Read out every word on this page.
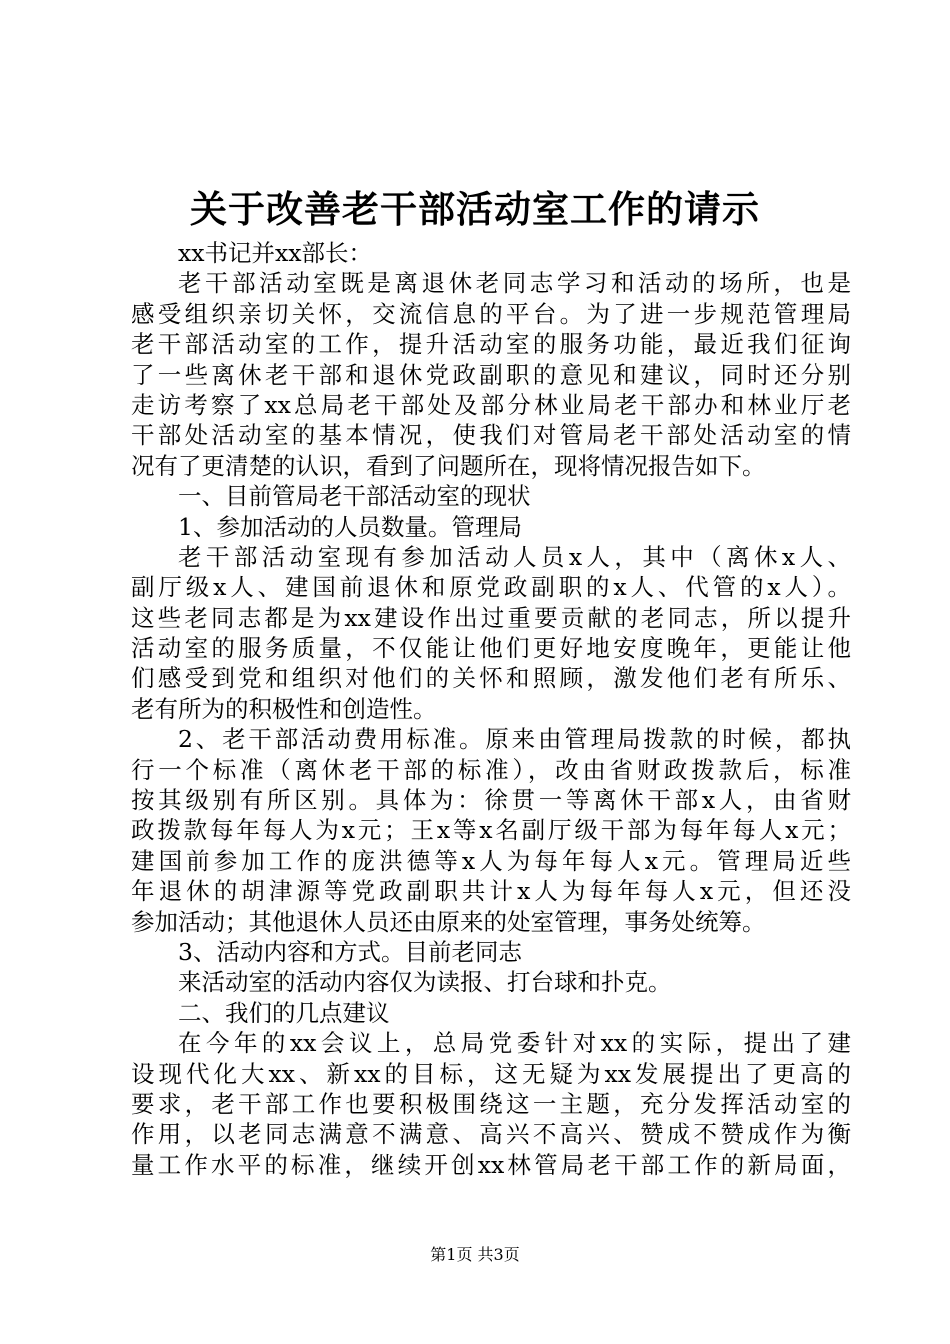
关于改善老干部活动室工作的请示
xx书记并xx部长：
老干部活动室既是离退休老同志学习和活动的场所，也是
感受组织亲切关怀，交流信息的平台。为了进一步规范管理局
老干部活动室的工作，提升活动室的服务功能，最近我们征询
了一些离休老干部和退休党政副职的意见和建议，同时还分别
走访考察了xx总局老干部处及部分林业局老干部办和林业厅老
干部处活动室的基本情况，使我们对管局老干部处活动室的情
况有了更清楚的认识，看到了问题所在，现将情况报告如下。
一、目前管局老干部活动室的现状
1、参加活动的人员数量。管理局
老干部活动室现有参加活动人员x人，其中（离休x人、
副厅级x人、建国前退休和原党政副职的x人、代管的x人）。
这些老同志都是为xx建设作出过重要贡献的老同志，所以提升
活动室的服务质量，不仅能让他们更好地安度晚年，更能让他
们感受到党和组织对他们的关怀和照顾，激发他们老有所乐、
老有所为的积极性和创造性。
2、老干部活动费用标准。原来由管理局拨款的时候，都执
行一个标准（离休老干部的标准），改由省财政拨款后，标准
按其级别有所区别。具体为：徐贯一等离休干部x人，由省财
政拨款每年每人为x元；王x等x名副厅级干部为每年每人x元；
建国前参加工作的庞洪德等x人为每年每人x元。管理局近些
年退休的胡津源等党政副职共计x人为每年每人x元，但还没
参加活动；其他退休人员还由原来的处室管理，事务处统筹。
3、活动内容和方式。目前老同志
来活动室的活动内容仅为读报、打台球和扑克。
二、我们的几点建议
在今年的xx会议上，总局党委针对xx的实际，提出了建
设现代化大xx、新xx的目标，这无疑为xx发展提出了更高的
要求，老干部工作也要积极围绕这一主题，充分发挥活动室的
作用，以老同志满意不满意、高兴不高兴、赞成不赞成作为衡
量工作水平的标准，继续开创xx林管局老干部工作的新局面，
第1页 共3页
